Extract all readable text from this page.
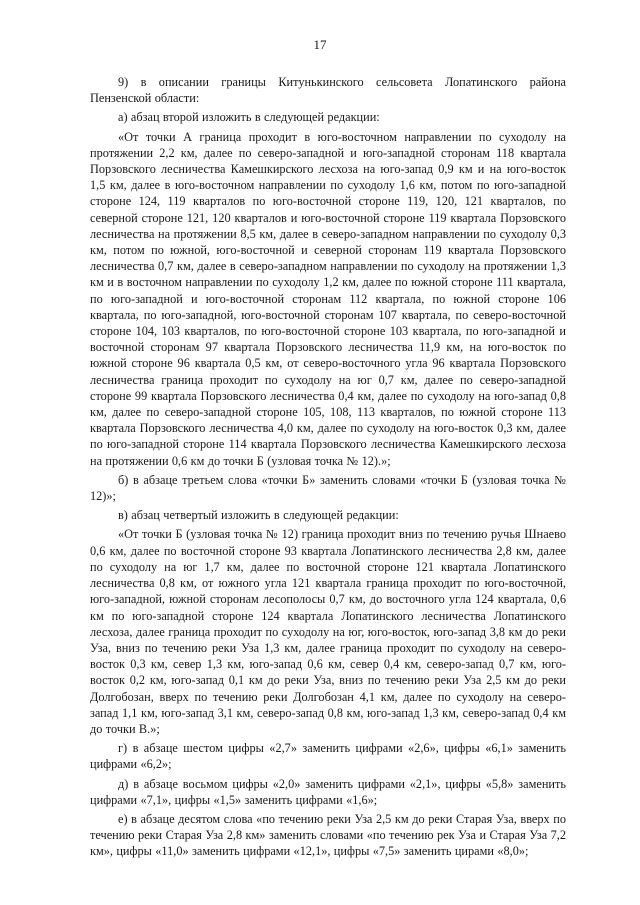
17

9) в описании границы Китунькинского сельсовета Лопатинского района Пензенской области:

а) абзац второй изложить в следующей редакции:

«От точки А граница проходит в юго-восточном направлении по суходолу на протяжении 2,2 км, далее по северо-западной и юго-западной сторонам 118 квартала Порзовского лесничества Камешкирского лесхоза на юго-запад 0,9 км и на юго-восток 1,5 км, далее в юго-восточном направлении по суходолу 1,6 км, потом по юго-западной стороне 124, 119 кварталов по юго-восточной стороне 119, 120, 121 кварталов, по северной стороне 121, 120 кварталов и юго-восточной стороне 119 квартала Порзовского лесничества на протяжении 8,5 км, далее в северо-западном направлении по суходолу 0,3 км, потом по южной, юго-восточной и северной сторонам 119 квартала Порзовского лесничества 0,7 км, далее в северо-западном направлении по суходолу на протяжении 1,3 км и в восточном направлении по суходолу 1,2 км, далее по южной стороне 111 квартала, по юго-западной и юго-восточной сторонам 112 квартала, по южной стороне 106 квартала, по юго-западной, юго-восточной сторонам 107 квартала, по северо-восточной стороне 104, 103 кварталов, по юго-восточной стороне 103 квартала, по юго-западной и восточной сторонам 97 квартала Порзовского лесничества 11,9 км, на юго-восток по южной стороне 96 квартала 0,5 км, от северо-восточного угла 96 квартала Порзовского лесничества граница проходит по суходолу на юг 0,7 км, далее по северо-западной стороне 99 квартала Порзовского лесничества 0,4 км, далее по суходолу на юго-запад 0,8 км, далее по северо-западной стороне 105, 108, 113 кварталов, по южной стороне 113 квартала Порзовского лесничества 4,0 км, далее по суходолу на юго-восток 0,3 км, далее по юго-западной стороне 114 квартала Порзовского лесничества Камешкирского лесхоза на протяжении 0,6 км до точки Б (узловая точка № 12).»;

б) в абзаце третьем слова «точки Б» заменить словами «точки Б (узловая точка № 12)»;

в) абзац четвертый изложить в следующей редакции:

«От точки Б (узловая точка № 12) граница проходит вниз по течению ручья Шнаево 0,6 км, далее по восточной стороне 93 квартала Лопатинского лесничества 2,8 км, далее по суходолу на юг 1,7 км, далее по восточной стороне 121 квартала Лопатинского лесничества 0,8 км, от южного угла 121 квартала граница проходит по юго-восточной, юго-западной, южной сторонам лесополосы 0,7 км, до восточного угла 124 квартала, 0,6 км по юго-западной стороне 124 квартала Лопатинского лесничества Лопатинского лесхоза, далее граница проходит по суходолу на юг, юго-восток, юго-запад 3,8 км до реки Уза, вниз по течению реки Уза 1,3 км, далее граница проходит по суходолу на северо-восток 0,3 км, север 1,3 км, юго-запад 0,6 км, север 0,4 км, северо-запад 0,7 км, юго-восток 0,2 км, юго-запад 0,1 км до реки Уза, вниз по течению реки Уза 2,5 км до реки Долгобозан, вверх по течению реки Долгобозан 4,1 км, далее по суходолу на северо-запад 1,1 км, юго-запад 3,1 км, северо-запад 0,8 км, юго-запад 1,3 км, северо-запад 0,4 км до точки В.»;

г) в абзаце шестом цифры «2,7» заменить цифрами «2,6», цифры «6,1» заменить цифрами «6,2»;

д) в абзаце восьмом цифры «2,0» заменить цифрами «2,1», цифры «5,8» заменить цифрами «7,1», цифры «1,5» заменить цифрами «1,6»;

е) в абзаце десятом слова «по течению реки Уза 2,5 км до реки Старая Уза, вверх по течению реки Старая Уза 2,8 км» заменить словами «по течению рек Уза и Старая Уза 7,2 км», цифры «11,0» заменить цифрами «12,1», цифры «7,5» заменить цирами «8,0»;
